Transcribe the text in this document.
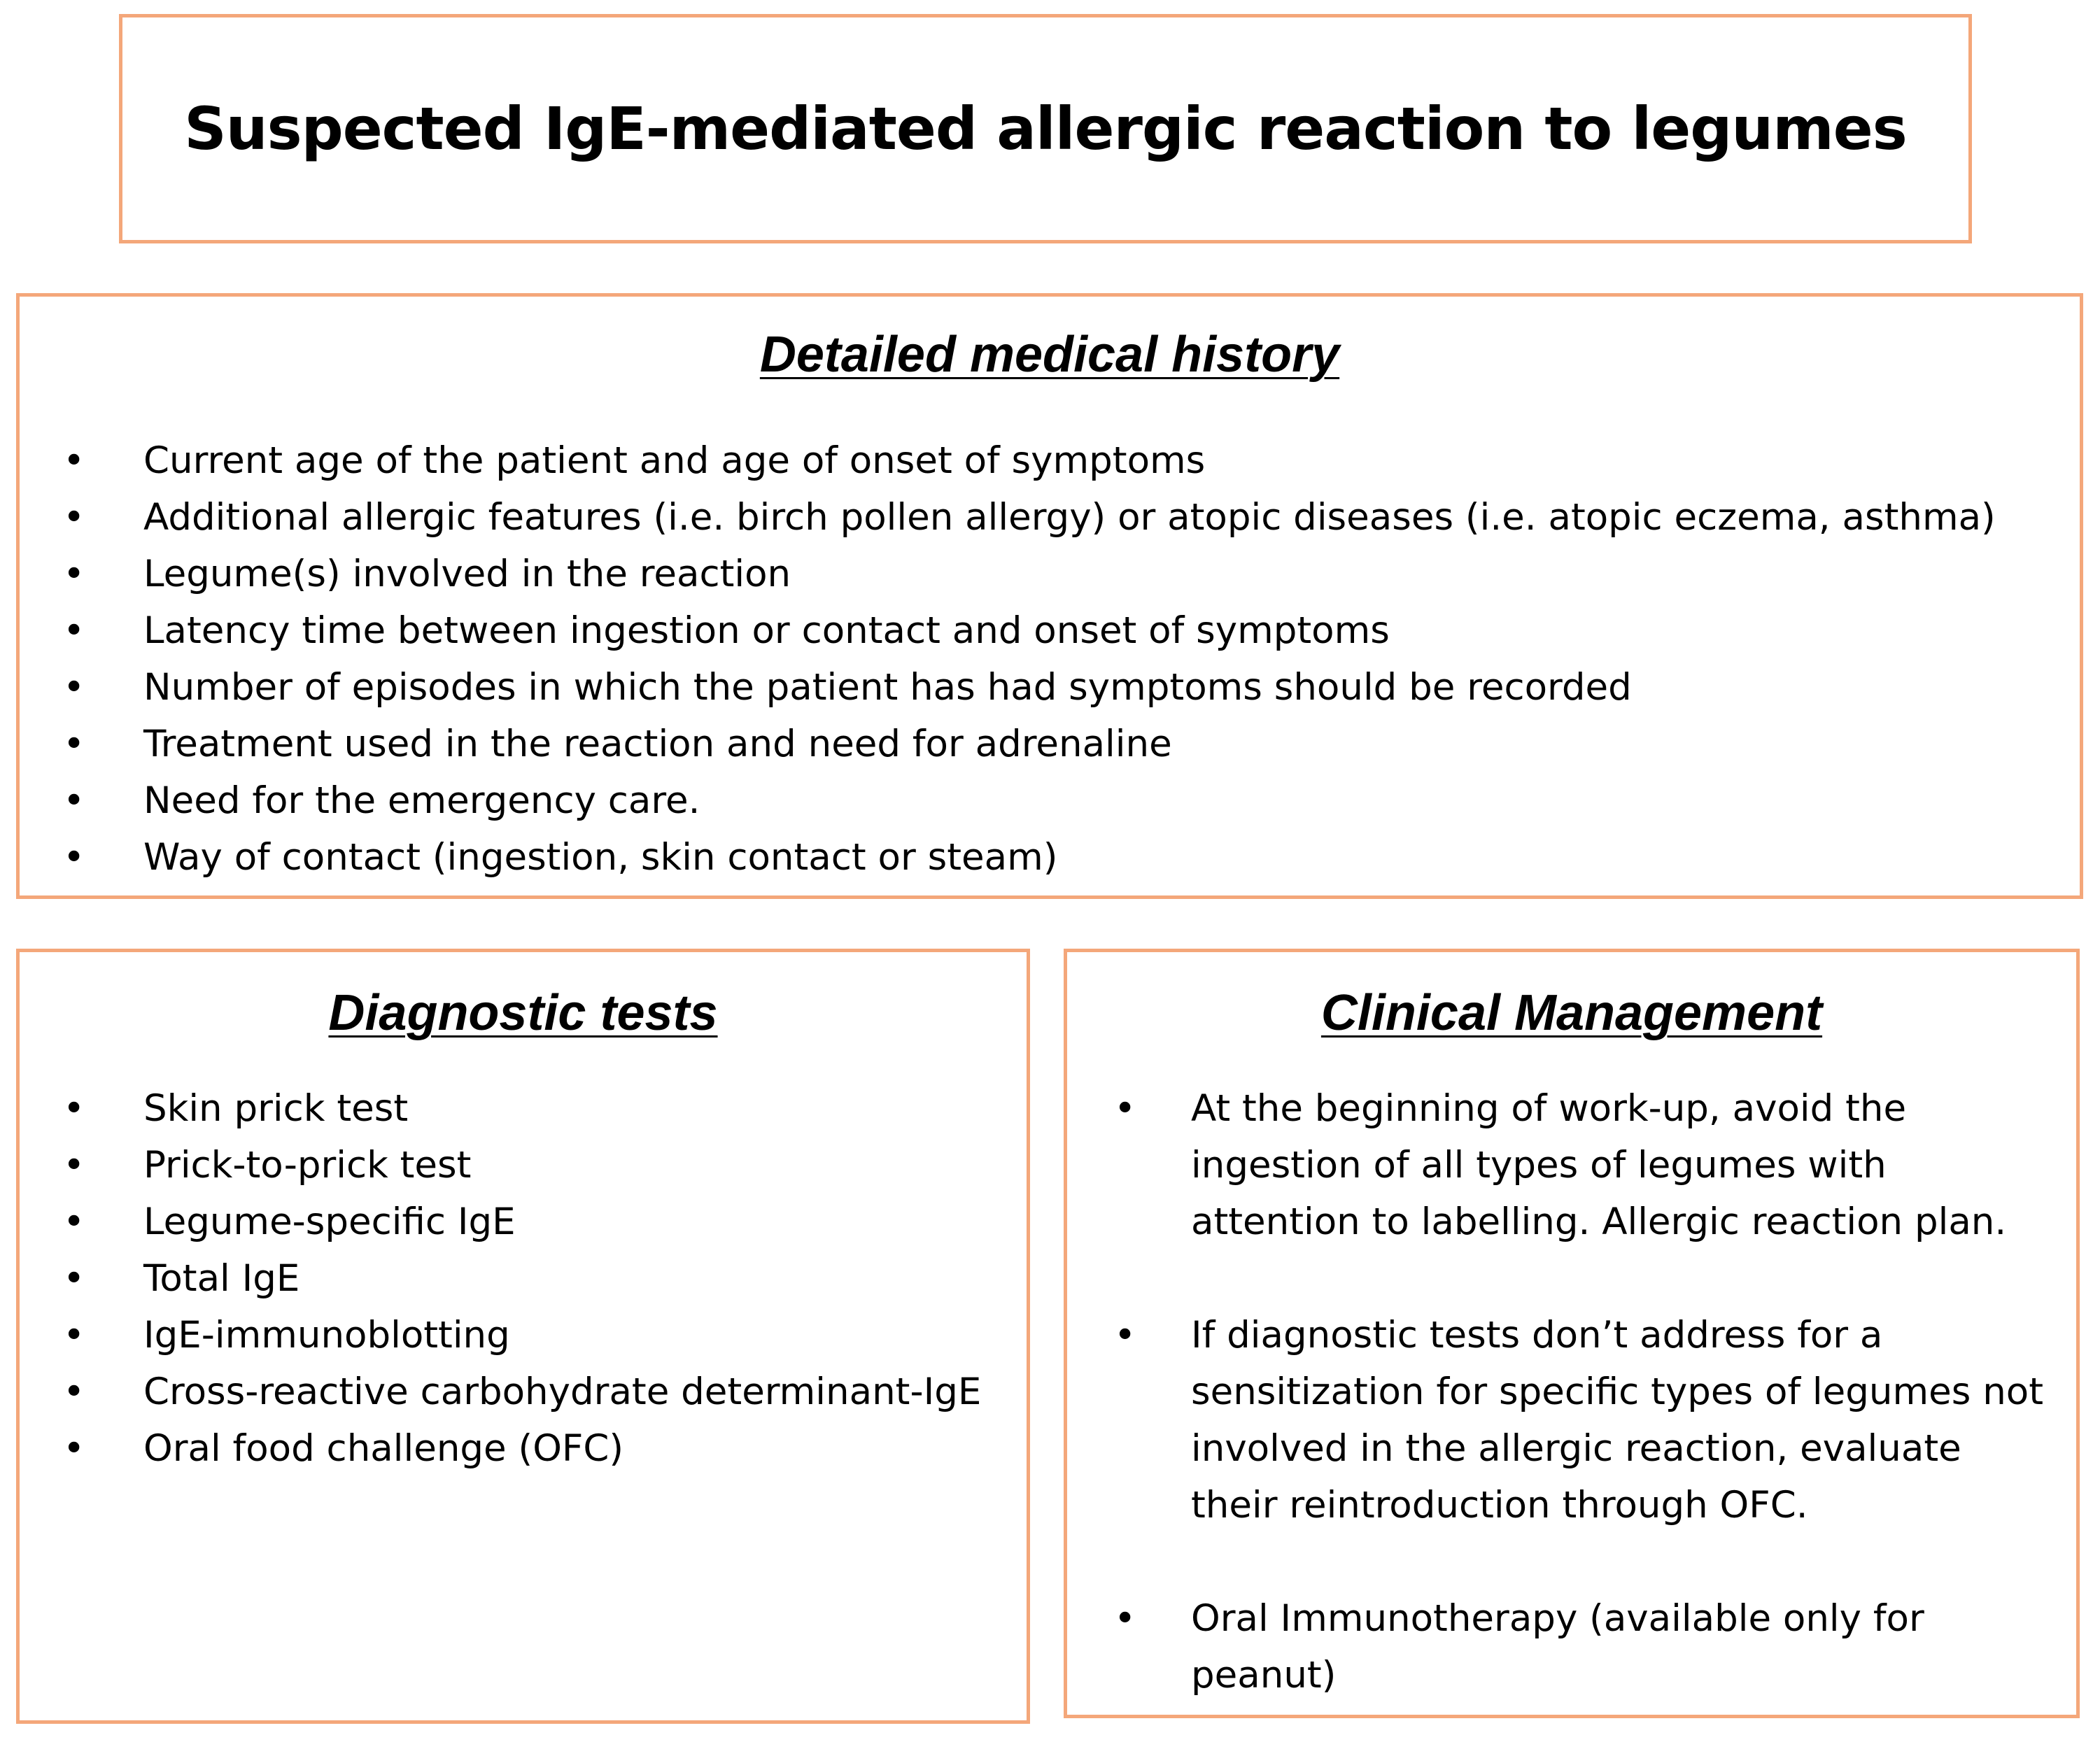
Suspected IgE-mediated allergic reaction to legumes
Detailed medical history
• Current age of the patient and age of onset of symptoms
• Additional allergic features (i.e. birch pollen allergy) or atopic diseases (i.e. atopic eczema, asthma)
• Legume(s) involved in the reaction
• Latency time between ingestion or contact and onset of symptoms
• Number of episodes in which the patient has had symptoms should be recorded
• Treatment used in the reaction and need for adrenaline
• Need for the emergency care.
• Way of contact (ingestion, skin contact or steam)
Diagnostic tests
• Skin prick test
• Prick-to-prick test
• Legume-specific IgE
• Total IgE
• IgE-immunoblotting
• Cross-reactive carbohydrate determinant-IgE
• Oral food challenge (OFC)
Clinical Management
• At the beginning of work-up, avoid the ingestion of all types of legumes with attention to labelling. Allergic reaction plan.
• If diagnostic tests don’t address for a sensitization for specific types of legumes not involved in the allergic reaction, evaluate their reintroduction through OFC.
• Oral Immunotherapy (available only for peanut)
